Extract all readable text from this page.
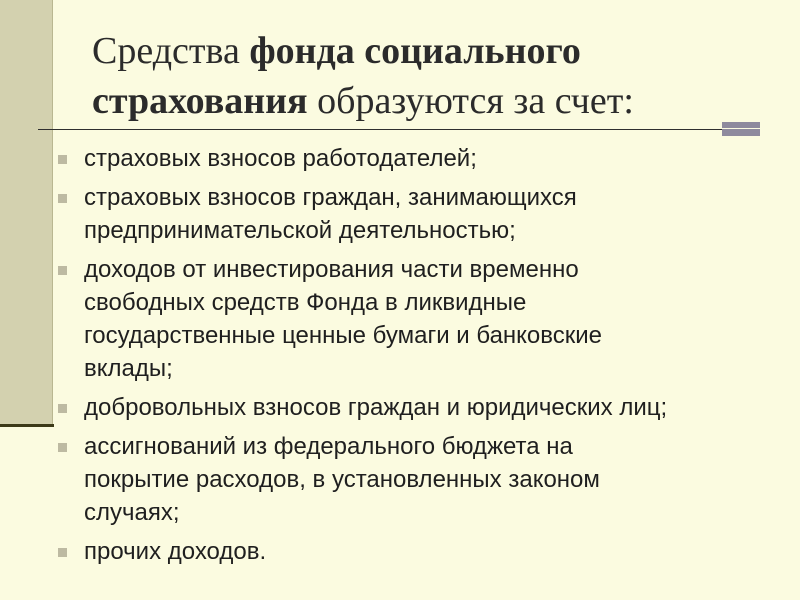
Средства фонда социального
страхования образуются за счет:
страховых взносов работодателей;
страховых взносов граждан, занимающихся
предпринимательской деятельностью;
доходов от инвестирования части временно
свободных средств Фонда в ликвидные
государственные ценные бумаги и банковские
вклады;
добровольных взносов граждан и юридических лиц;
ассигнований из федерального бюджета на
покрытие расходов, в установленных законом
случаях;
прочих доходов.
